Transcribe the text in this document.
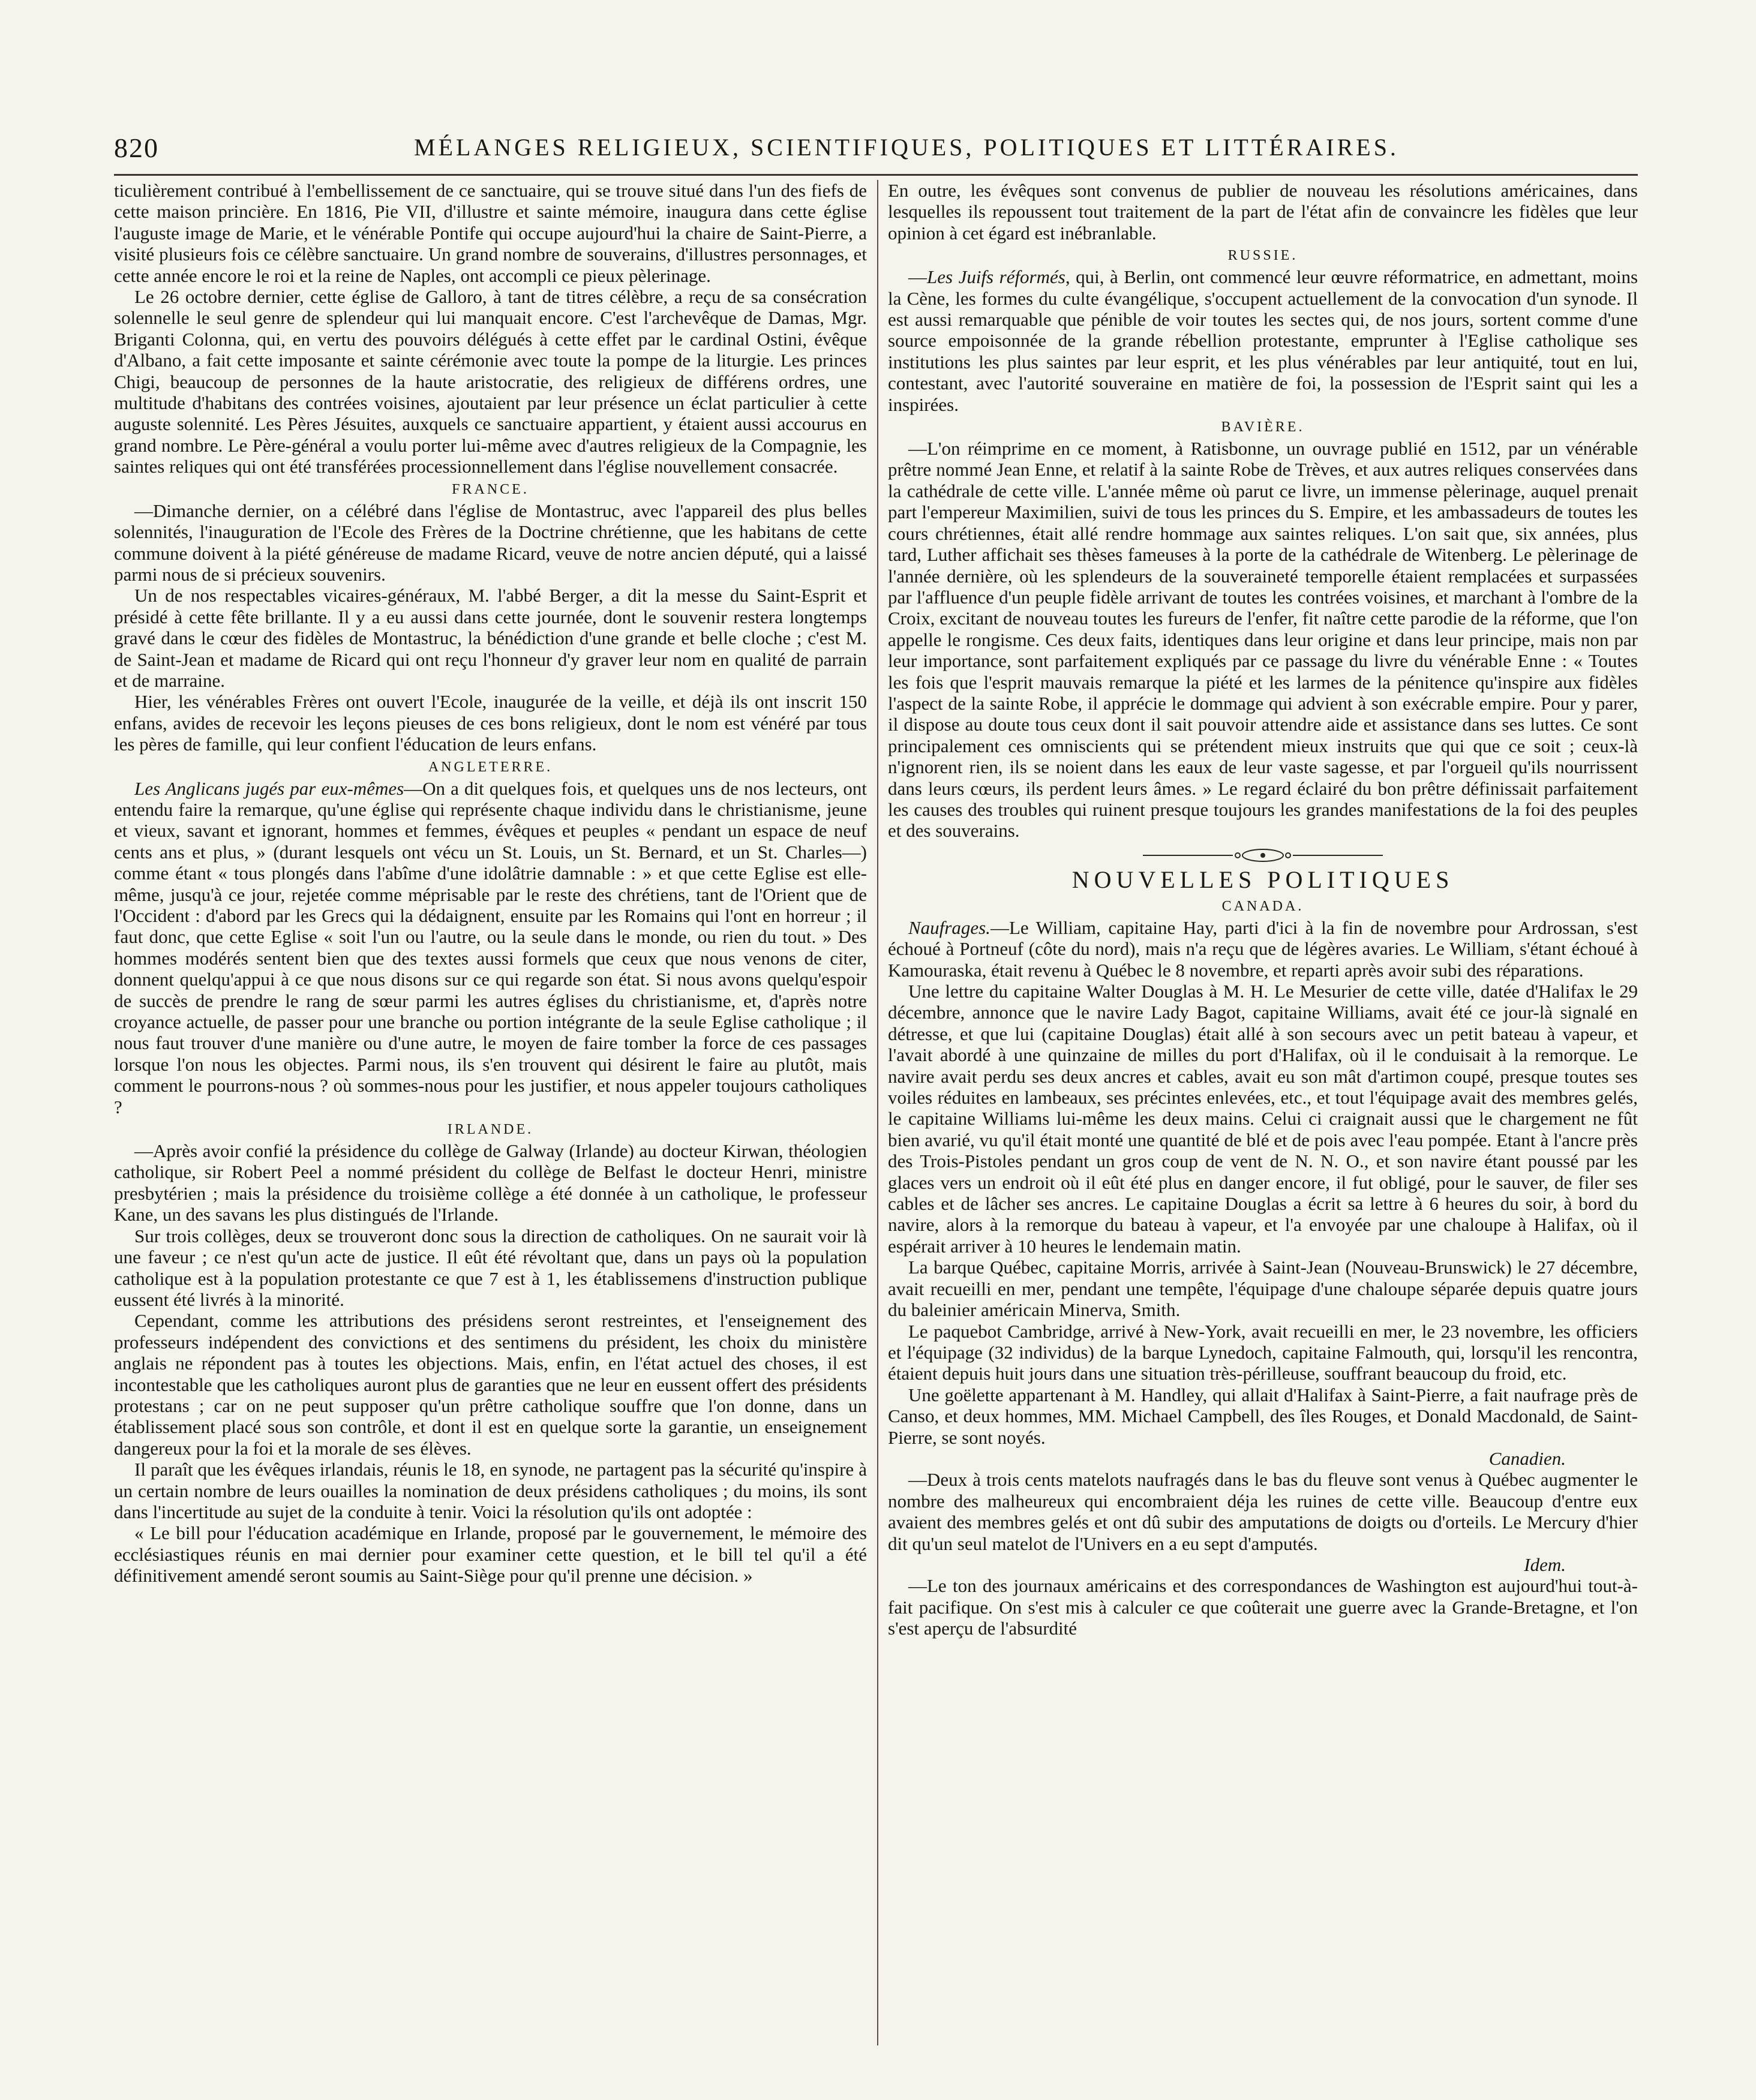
820	MÉLANGES RELIGIEUX, SCIENTIFIQUES, POLITIQUES ET LITTÉRAIRES.

ticulièrement contribué à l'embellissement de ce sanctuaire, qui se trouve situé dans l'un des fiefs de cette maison princière. En 1816, Pie VII, d'illustre et sainte mémoire, inaugura dans cette église l'auguste image de Marie, et le vénérable Pontife qui occupe aujourd'hui la chaire de Saint-Pierre, a visité plusieurs fois ce célèbre sanctuaire. Un grand nombre de souverains, d'illustres personnages, et cette année encore le roi et la reine de Naples, ont accompli ce pieux pèlerinage.

Le 26 octobre dernier, cette église de Galloro, à tant de titres célèbre, a reçu de sa consécration solennelle le seul genre de splendeur qui lui manquait encore. C'est l'archevêque de Damas, Mgr. Briganti Colonna, qui, en vertu des pouvoirs délégués à cette effet par le cardinal Ostini, évêque d'Albano, a fait cette imposante et sainte cérémonie avec toute la pompe de la liturgie. Les princes Chigi, beaucoup de personnes de la haute aristocratie, des religieux de différens ordres, une multitude d'habitans des contrées voisines, ajoutaient par leur présence un éclat particulier à cette auguste solennité. Les Pères Jésuites, auxquels ce sanctuaire appartient, y étaient aussi accourus en grand nombre. Le Père-général a voulu porter lui-même avec d'autres religieux de la Compagnie, les saintes reliques qui ont été transférées processionnellement dans l'église nouvellement consacrée.

FRANCE.

—Dimanche dernier, on a célébré dans l'église de Montastruc, avec l'appareil des plus belles solennités, l'inauguration de l'Ecole des Frères de la Doctrine chrétienne, que les habitans de cette commune doivent à la piété généreuse de madame Ricard, veuve de notre ancien député, qui a laissé parmi nous de si précieux souvenirs.

Un de nos respectables vicaires-généraux, M. l'abbé Berger, a dit la messe du Saint-Esprit et présidé à cette fête brillante. Il y a eu aussi dans cette journée, dont le souvenir restera longtemps gravé dans le cœur des fidèles de Montastruc, la bénédiction d'une grande et belle cloche ; c'est M. de Saint-Jean et madame de Ricard qui ont reçu l'honneur d'y graver leur nom en qualité de parrain et de marraine.

Hier, les vénérables Frères ont ouvert l'Ecole, inaugurée de la veille, et déjà ils ont inscrit 150 enfans, avides de recevoir les leçons pieuses de ces bons religieux, dont le nom est vénéré par tous les pères de famille, qui leur confient l'éducation de leurs enfans.

ANGLETERRE.

Les Anglicans jugés par eux-mêmes—On a dit quelques fois, et quelques uns de nos lecteurs, ont entendu faire la remarque, qu'une église qui représente chaque individu dans le christianisme, jeune et vieux, savant et ignorant, hommes et femmes, évêques et peuples « pendant un espace de neuf cents ans et plus, » (durant lesquels ont vécu un St. Louis, un St. Bernard, et un St. Charles—) comme étant « tous plongés dans l'abîme d'une idolâtrie damnable : » et que cette Eglise est elle-même, jusqu'à ce jour, rejetée comme méprisable par le reste des chrétiens, tant de l'Orient que de l'Occident : d'abord par les Grecs qui la dédaignent, ensuite par les Romains qui l'ont en horreur ; il faut donc, que cette Eglise « soit l'un ou l'autre, ou la seule dans le monde, ou rien du tout. » Des hommes modérés sentent bien que des textes aussi formels que ceux que nous venons de citer, donnent quelqu'appui à ce que nous disons sur ce qui regarde son état. Si nous avons quelqu'espoir de succès de prendre le rang de sœur parmi les autres églises du christianisme, et, d'après notre croyance actuelle, de passer pour une branche ou portion intégrante de la seule Eglise catholique ; il nous faut trouver d'une manière ou d'une autre, le moyen de faire tomber la force de ces passages lorsque l'on nous les objectes. Parmi nous, ils s'en trouvent qui désirent le faire au plutôt, mais comment le pourrons-nous ? où sommes-nous pour les justifier, et nous appeler toujours catholiques ?

IRLANDE.

—Après avoir confié la présidence du collège de Galway (Irlande) au docteur Kirwan, théologien catholique, sir Robert Peel a nommé président du collège de Belfast le docteur Henri, ministre presbytérien ; mais la présidence du troisième collège a été donnée à un catholique, le professeur Kane, un des savans les plus distingués de l'Irlande.

Sur trois collèges, deux se trouveront donc sous la direction de catholiques. On ne saurait voir là une faveur ; ce n'est qu'un acte de justice. Il eût été révoltant que, dans un pays où la population catholique est à la population protestante ce que 7 est à 1, les établissemens d'instruction publique eussent été livrés à la minorité.

Cependant, comme les attributions des présidens seront restreintes, et l'enseignement des professeurs indépendent des convictions et des sentimens du président, les choix du ministère anglais ne répondent pas à toutes les objections. Mais, enfin, en l'état actuel des choses, il est incontestable que les catholiques auront plus de garanties que ne leur en eussent offert des présidents protestans ; car on ne peut supposer qu'un prêtre catholique souffre que l'on donne, dans un établissement placé sous son contrôle, et dont il est en quelque sorte la garantie, un enseignement dangereux pour la foi et la morale de ses élèves.

Il paraît que les évêques irlandais, réunis le 18, en synode, ne partagent pas la sécurité qu'inspire à un certain nombre de leurs ouailles la nomination de deux présidens catholiques ; du moins, ils sont dans l'incertitude au sujet de la conduite à tenir. Voici la résolution qu'ils ont adoptée :

« Le bill pour l'éducation académique en Irlande, proposé par le gouvernement, le mémoire des ecclésiastiques réunis en mai dernier pour examiner cette question, et le bill tel qu'il a été définitivement amendé seront soumis au Saint-Siège pour qu'il prenne une décision. »

En outre, les évêques sont convenus de publier de nouveau les résolutions américaines, dans lesquelles ils repoussent tout traitement de la part de l'état afin de convaincre les fidèles que leur opinion à cet égard est inébranlable.

RUSSIE.

—Les Juifs réformés, qui, à Berlin, ont commencé leur œuvre réformatrice, en admettant, moins la Cène, les formes du culte évangélique, s'occupent actuellement de la convocation d'un synode. Il est aussi remarquable que pénible de voir toutes les sectes qui, de nos jours, sortent comme d'une source empoisonnée de la grande rébellion protestante, emprunter à l'Eglise catholique ses institutions les plus saintes par leur esprit, et les plus vénérables par leur antiquité, tout en lui, contestant, avec l'autorité souveraine en matière de foi, la possession de l'Esprit saint qui les a inspirées.

BAVIÈRE.

—L'on réimprime en ce moment, à Ratisbonne, un ouvrage publié en 1512, par un vénérable prêtre nommé Jean Enne, et relatif à la sainte Robe de Trèves, et aux autres reliques conservées dans la cathédrale de cette ville. L'année même où parut ce livre, un immense pèlerinage, auquel prenait part l'empereur Maximilien, suivi de tous les princes du S. Empire, et les ambassadeurs de toutes les cours chrétiennes, était allé rendre hommage aux saintes reliques. L'on sait que, six années, plus tard, Luther affichait ses thèses fameuses à la porte de la cathédrale de Witenberg. Le pèlerinage de l'année dernière, où les splendeurs de la souveraineté temporelle étaient remplacées et surpassées par l'affluence d'un peuple fidèle arrivant de toutes les contrées voisines, et marchant à l'ombre de la Croix, excitant de nouveau toutes les fureurs de l'enfer, fit naître cette parodie de la réforme, que l'on appelle le rongisme. Ces deux faits, identiques dans leur origine et dans leur principe, mais non par leur importance, sont parfaitement expliqués par ce passage du livre du vénérable Enne : « Toutes les fois que l'esprit mauvais remarque la piété et les larmes de la pénitence qu'inspire aux fidèles l'aspect de la sainte Robe, il apprécie le dommage qui advient à son exécrable empire. Pour y parer, il dispose au doute tous ceux dont il sait pouvoir attendre aide et assistance dans ses luttes. Ce sont principalement ces omniscients qui se prétendent mieux instruits que qui que ce soit ; ceux-là n'ignorent rien, ils se noient dans les eaux de leur vaste sagesse, et par l'orgueil qu'ils nourrissent dans leurs cœurs, ils perdent leurs âmes. » Le regard éclairé du bon prêtre définissait parfaitement les causes des troubles qui ruinent presque toujours les grandes manifestations de la foi des peuples et des souverains.

NOUVELLES POLITIQUES
CANADA.

Naufrages.—Le William, capitaine Hay, parti d'ici à la fin de novembre pour Ardrossan, s'est échoué à Portneuf (côte du nord), mais n'a reçu que de légères avaries. Le William, s'étant échoué à Kamouraska, était revenu à Québec le 8 novembre, et reparti après avoir subi des réparations.

Une lettre du capitaine Walter Douglas à M. H. Le Mesurier de cette ville, datée d'Halifax le 29 décembre, annonce que le navire Lady Bagot, capitaine Williams, avait été ce jour-là signalé en détresse, et que lui (capitaine Douglas) était allé à son secours avec un petit bateau à vapeur, et l'avait abordé à une quinzaine de milles du port d'Halifax, où il le conduisait à la remorque. Le navire avait perdu ses deux ancres et cables, avait eu son mât d'artimon coupé, presque toutes ses voiles réduites en lambeaux, ses précintes enlevées, etc., et tout l'équipage avait des membres gelés, le capitaine Williams lui-même les deux mains. Celui ci craignait aussi que le chargement ne fût bien avarié, vu qu'il était monté une quantité de blé et de pois avec l'eau pompée. Etant à l'ancre près des Trois-Pistoles pendant un gros coup de vent de N. N. O., et son navire étant poussé par les glaces vers un endroit où il eût été plus en danger encore, il fut obligé, pour le sauver, de filer ses cables et de lâcher ses ancres. Le capitaine Douglas a écrit sa lettre à 6 heures du soir, à bord du navire, alors à la remorque du bateau à vapeur, et l'a envoyée par une chaloupe à Halifax, où il espérait arriver à 10 heures le lendemain matin.

La barque Québec, capitaine Morris, arrivée à Saint-Jean (Nouveau-Brunswick) le 27 décembre, avait recueilli en mer, pendant une tempête, l'équipage d'une chaloupe séparée depuis quatre jours du baleinier américain Minerva, Smith.

Le paquebot Cambridge, arrivé à New-York, avait recueilli en mer, le 23 novembre, les officiers et l'équipage (32 individus) de la barque Lynedoch, capitaine Falmouth, qui, lorsqu'il les rencontra, étaient depuis huit jours dans une situation très-périlleuse, souffrant beaucoup du froid, etc.

Une goëlette appartenant à M. Handley, qui allait d'Halifax à Saint-Pierre, a fait naufrage près de Canso, et deux hommes, MM. Michael Campbell, des îles Rouges, et Donald Macdonald, de Saint-Pierre, se sont noyés.

Canadien.

—Deux à trois cents matelots naufragés dans le bas du fleuve sont venus à Québec augmenter le nombre des malheureux qui encombraient déja les ruines de cette ville. Beaucoup d'entre eux avaient des membres gelés et ont dû subir des amputations de doigts ou d'orteils. Le Mercury d'hier dit qu'un seul matelot de l'Univers en a eu sept d'amputés.

Idem.

—Le ton des journaux américains et des correspondances de Washington est aujourd'hui tout-à-fait pacifique. On s'est mis à calculer ce que coûterait une guerre avec la Grande-Bretagne, et l'on s'est aperçu de l'absurdité
